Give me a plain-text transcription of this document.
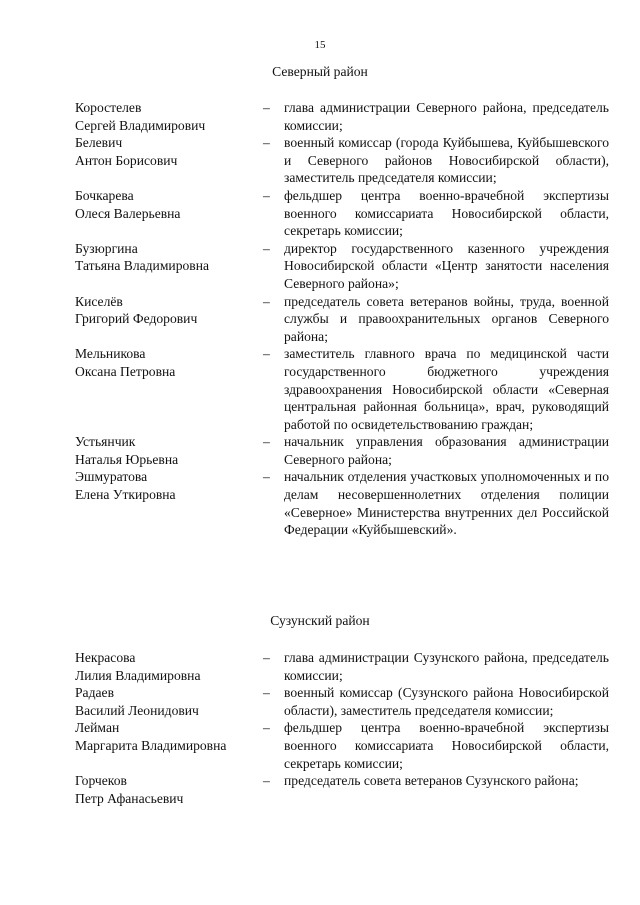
15
Северный район
Коростелев
Сергей Владимирович
–	глава администрации Северного района, председатель комиссии;
Белевич
Антон Борисович
–	военный комиссар (города Куйбышева, Куйбышевского и Северного районов Новосибирской области), заместитель председателя комиссии;
Бочкарева
Олеся Валерьевна
–	фельдшер центра военно-врачебной экспертизы военного комиссариата Новосибирской области, секретарь комиссии;
Бузюргина
Татьяна Владимировна
–	директор государственного казенного учреждения Новосибирской области «Центр занятости населения Северного района»;
Киселёв
Григорий Федорович
–	председатель совета ветеранов войны, труда, военной службы и правоохранительных органов Северного района;
Мельникова
Оксана Петровна
–	заместитель главного врача по медицинской части государственного бюджетного учреждения здравоохранения Новосибирской области «Северная центральная районная больница», врач, руководящий работой по освидетельствованию граждан;
Устьянчик
Наталья Юрьевна
–	начальник управления образования администрации Северного района;
Эшмуратова
Елена Уткировна
–	начальник отделения участковых уполномоченных и по делам несовершеннолетних отделения полиции «Северное» Министерства внутренних дел Российской Федерации «Куйбышевский».
Сузунский район
Некрасова
Лилия Владимировна
–	глава администрации Сузунского района, председатель комиссии;
Радаев
Василий Леонидович
–	военный комиссар (Сузунского района Новосибирской области), заместитель председателя комиссии;
Лейман
Маргарита Владимировна
–	фельдшер центра военно-врачебной экспертизы военного комиссариата Новосибирской области, секретарь комиссии;
Горчеков
Петр Афанасьевич
–	председатель совета ветеранов Сузунского района;
